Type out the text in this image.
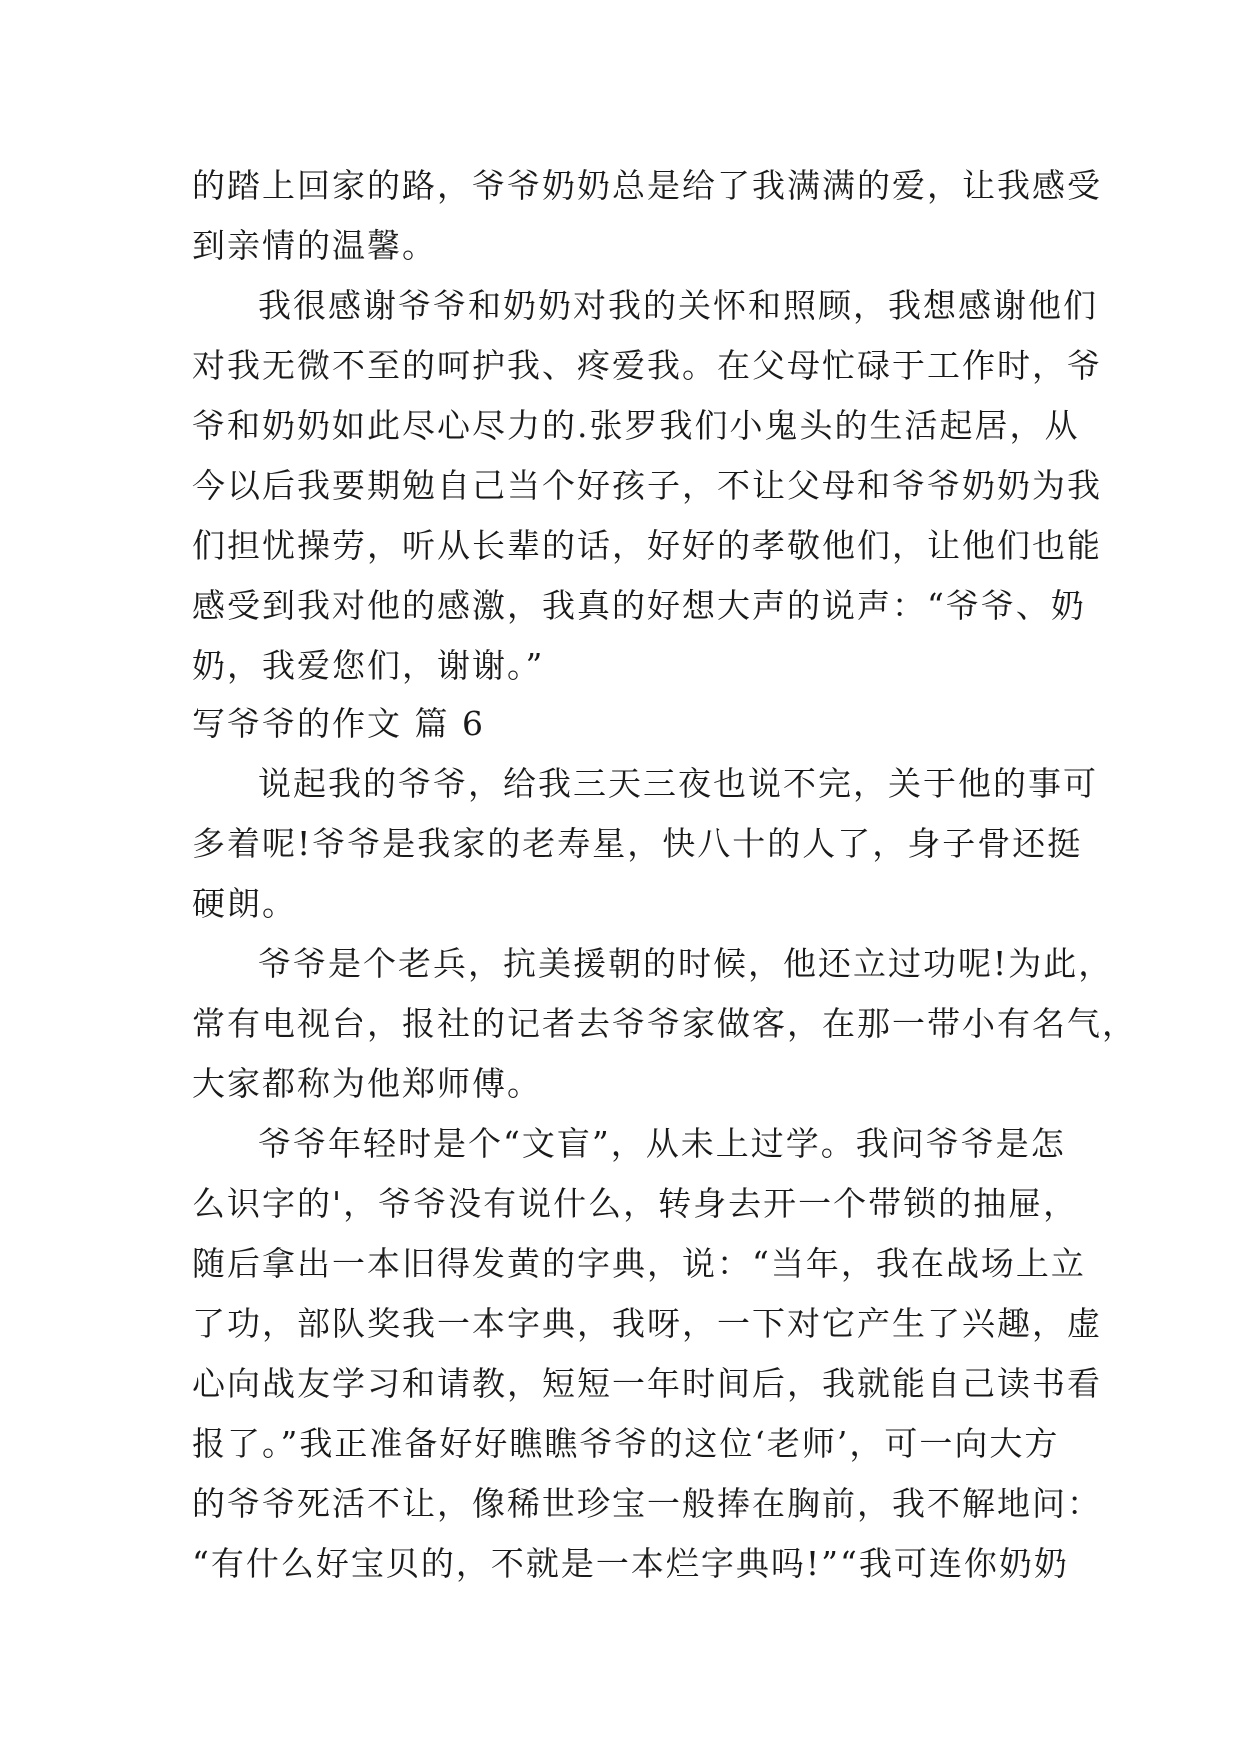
的踏上回家的路，爷爷奶奶总是给了我满满的爱，让我感受
到亲情的温馨。
我很感谢爷爷和奶奶对我的关怀和照顾，我想感谢他们
对我无微不至的呵护我、疼爱我。在父母忙碌于工作时，爷
爷和奶奶如此尽心尽力的.张罗我们小鬼头的生活起居，从
今以后我要期勉自己当个好孩子，不让父母和爷爷奶奶为我
们担忧操劳，听从长辈的话，好好的孝敬他们，让他们也能
感受到我对他的感激，我真的好想大声的说声：“爷爷、奶
奶，我爱您们，谢谢。”
写爷爷的作文 篇 6
说起我的爷爷，给我三天三夜也说不完，关于他的事可
多着呢!爷爷是我家的老寿星，快八十的人了，身子骨还挺
硬朗。
爷爷是个老兵，抗美援朝的时候，他还立过功呢!为此，
常有电视台，报社的记者去爷爷家做客，在那一带小有名气，
大家都称为他郑师傅。
爷爷年轻时是个“文盲”，从未上过学。我问爷爷是怎
么识字的'，爷爷没有说什么，转身去开一个带锁的抽屉，
随后拿出一本旧得发黄的字典，说：“当年，我在战场上立
了功，部队奖我一本字典，我呀，一下对它产生了兴趣，虚
心向战友学习和请教，短短一年时间后，我就能自己读书看
报了。”我正准备好好瞧瞧爷爷的这位‘老师’，可一向大方
的爷爷死活不让，像稀世珍宝一般捧在胸前，我不解地问：
“有什么好宝贝的，不就是一本烂字典吗!”“我可连你奶奶
